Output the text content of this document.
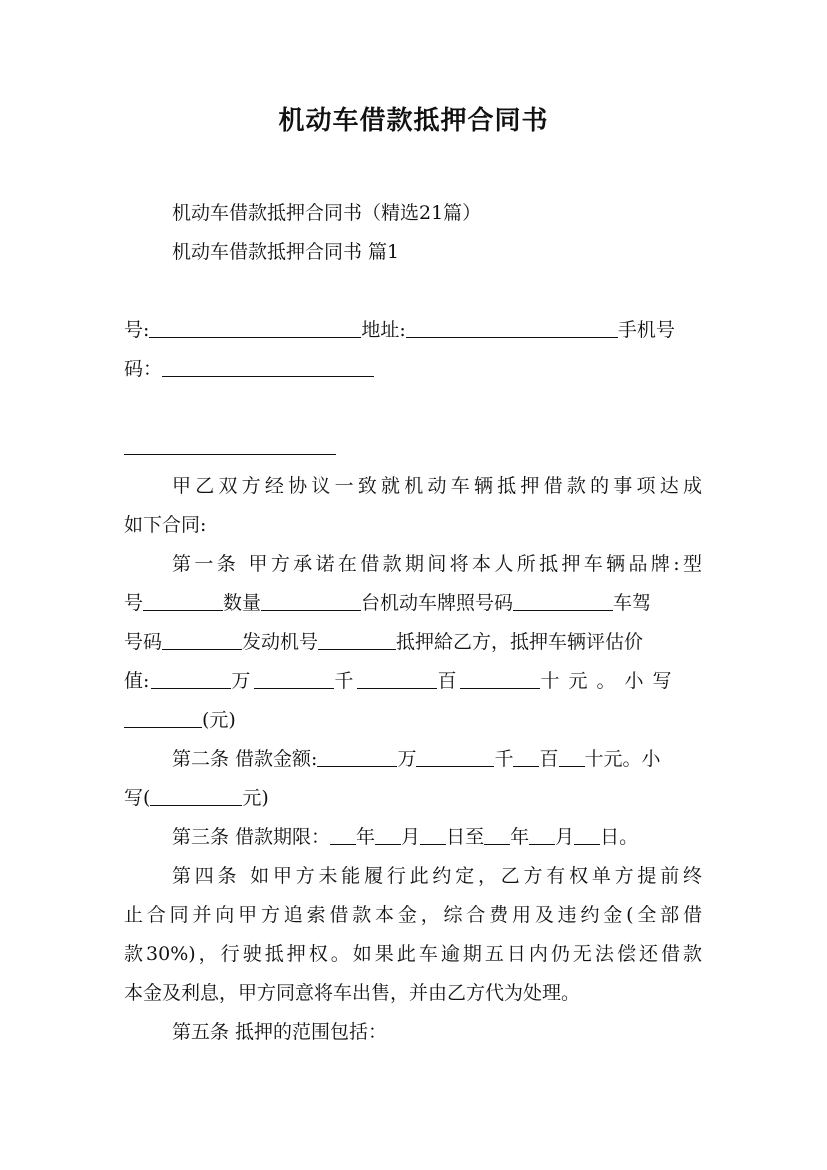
机动车借款抵押合同书
机动车借款抵押合同书（精选21篇）
机动车借款抵押合同书 篇1
号:	地址:	手机号
码：
甲乙双方经协议一致就机动车辆抵押借款的事项达成
如下合同:
第一条 甲方承诺在借款期间将本人所抵押车辆品牌:型
号	数量	台机动车牌照号码	车驾
号码	发动机号	抵押給乙方，抵押车辆评估价
值:	万	千	百	十元。小写
(元)
第二条 借款金额:	万	千 百 十元。小
写(	元)
第三条 借款期限： 年 月 日至 年 月 日。
第四条 如甲方未能履行此约定，乙方有权单方提前终
止合同并向甲方追索借款本金，综合费用及违约金(全部借
款30%)，行驶抵押权。如果此车逾期五日内仍无法偿还借款
本金及利息，甲方同意将车出售，并由乙方代为处理。
第五条 抵押的范围包括：
